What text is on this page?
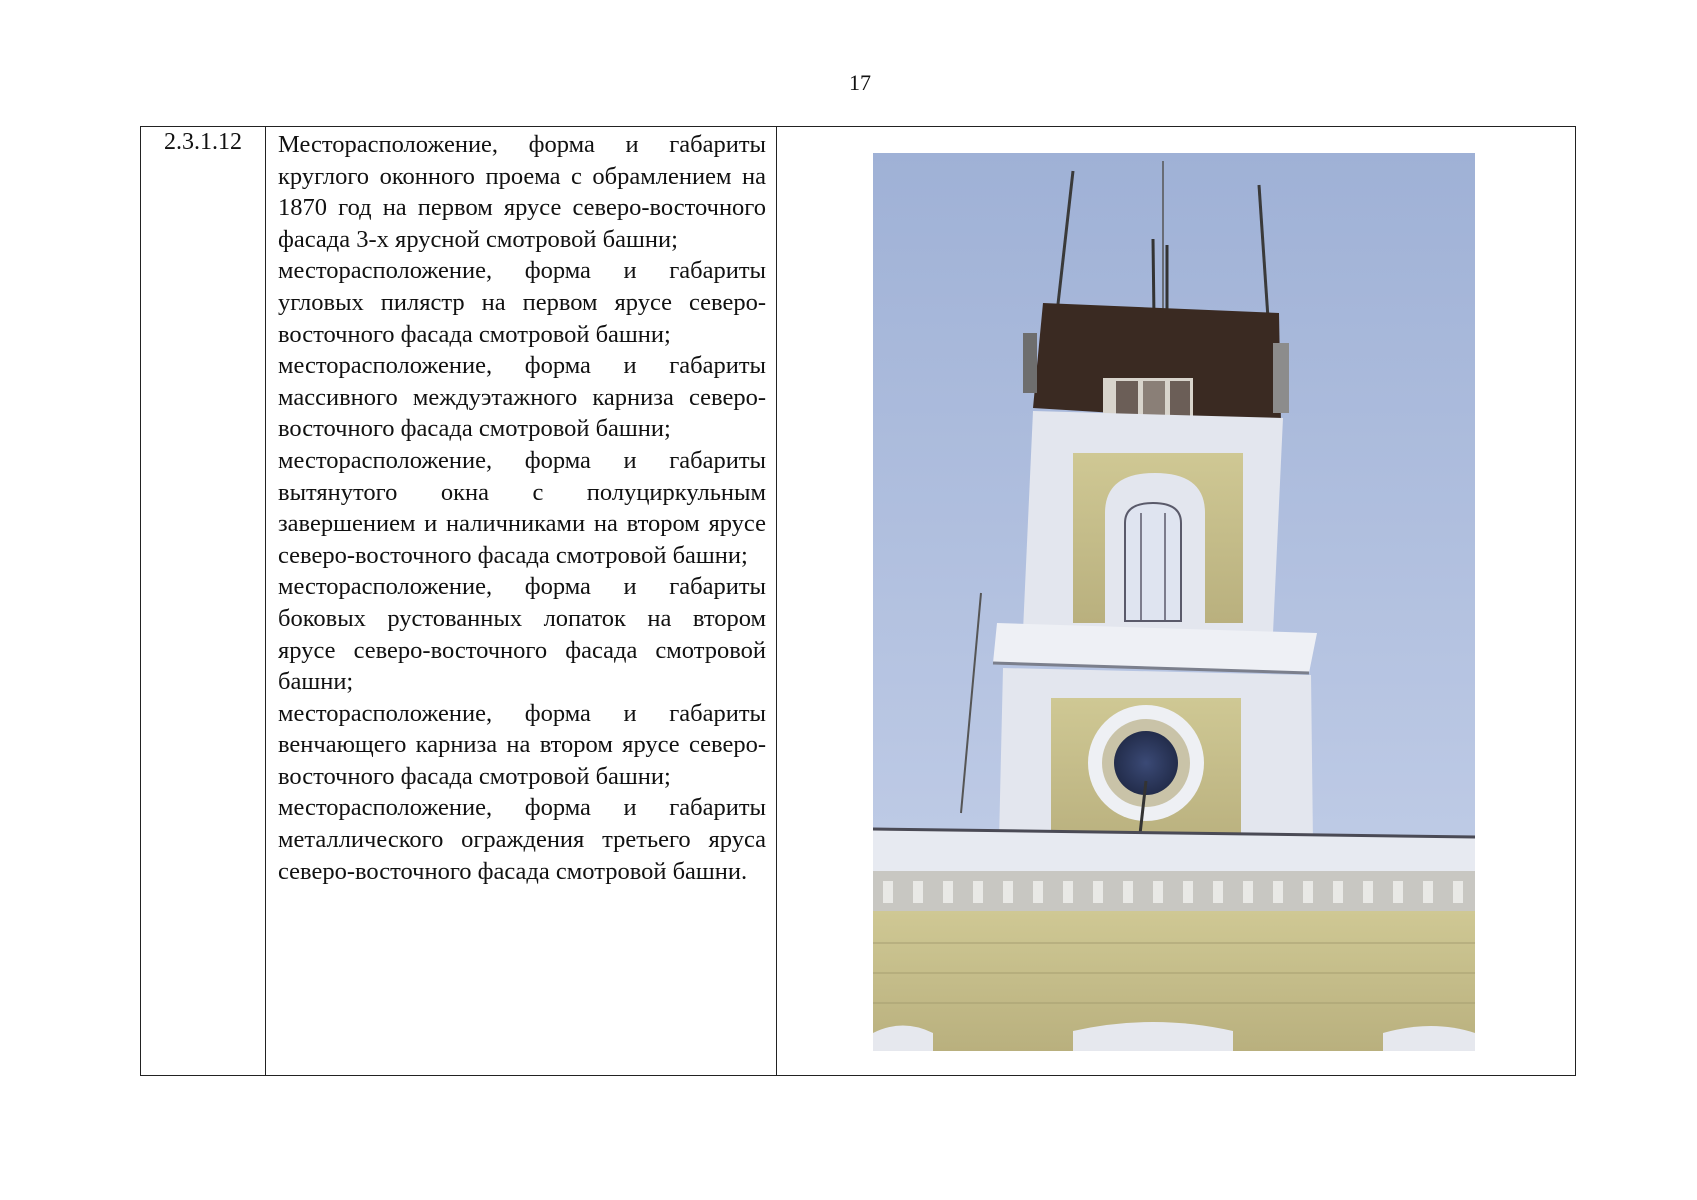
17
2.3.1.12	Месторасположение, форма и габариты круглого оконного проема с обрамлением на 1870 год на первом ярусе северо-восточного фасада 3-х ярусной смотровой башни;

месторасположение, форма и габариты угловых пилястр на первом ярусе северо-восточного фасада смотровой башни;

месторасположение, форма и габариты массивного междуэтажного карниза северо-восточного фасада смотровой башни;

месторасположение, форма и габариты вытянутого окна с полуциркульным завершением и наличниками на втором ярусе северо-восточного фасада смотровой башни;

месторасположение, форма и габариты боковых рустованных лопаток на втором ярусе северо-восточного фасада смотровой башни;

месторасположение, форма и габариты венчающего карниза на втором ярусе северо-восточного фасада смотровой башни;

месторасположение, форма и габариты металлического ограждения третьего яруса северо-восточного фасада смотровой башни.
